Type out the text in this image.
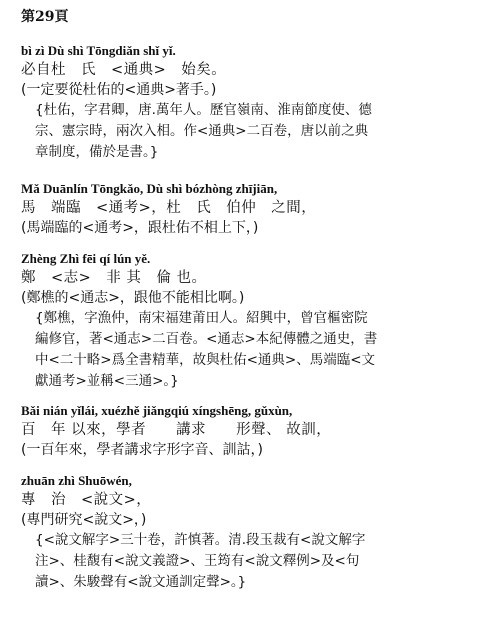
第29頁
bì zì Dù shì Tōngdiǎn shǐ yǐ.
必自杜　氏　<通典>　始矣。
(一定要從杜佑的<通典>著手。)
{杜佑，字君卿，唐.萬年人。歷官嶺南、淮南節度使、德
宗、憲宗時，兩次入相。作<通典>二百卷，唐以前之典
章制度，備於是書。}
Mǎ Duānlín Tōngkǎo, Dù shì bózhòng zhījiān,
馬　端臨　<通考>，杜　氏　伯仲　之間，
(馬端臨的<通考>，跟杜佑不相上下，)
Zhèng Zhì fēi qí lún yě.
鄭　<志>　非 其　倫 也。
(鄭樵的<通志>，跟他不能相比啊。)
{鄭樵，字漁仲，南宋福建莆田人。紹興中，曾官樞密院
編修官，著<通志>二百卷。<通志>本紀傳體之通史，書
中<二十略>爲全書精華，故與杜佑<通典>、馬端臨<文
獻通考>並稱<三通>。}
Bǎi nián yǐlái, xuézhě jiǎngqiú xíngshēng, gǔxùn,
百　年 以來，學者　　講求　　形聲、 故訓，
(一百年來，學者講求字形字音、訓詁，)
zhuān zhì Shuōwén,
專　治　<說文>，
(專門研究<說文>，)
{<說文解字>三十卷，許慎著。清.段玉裁有<說文解字
注>、桂馥有<說文義證>、王筠有<說文釋例>及<句
讀>、朱駿聲有<說文通訓定聲>。}
